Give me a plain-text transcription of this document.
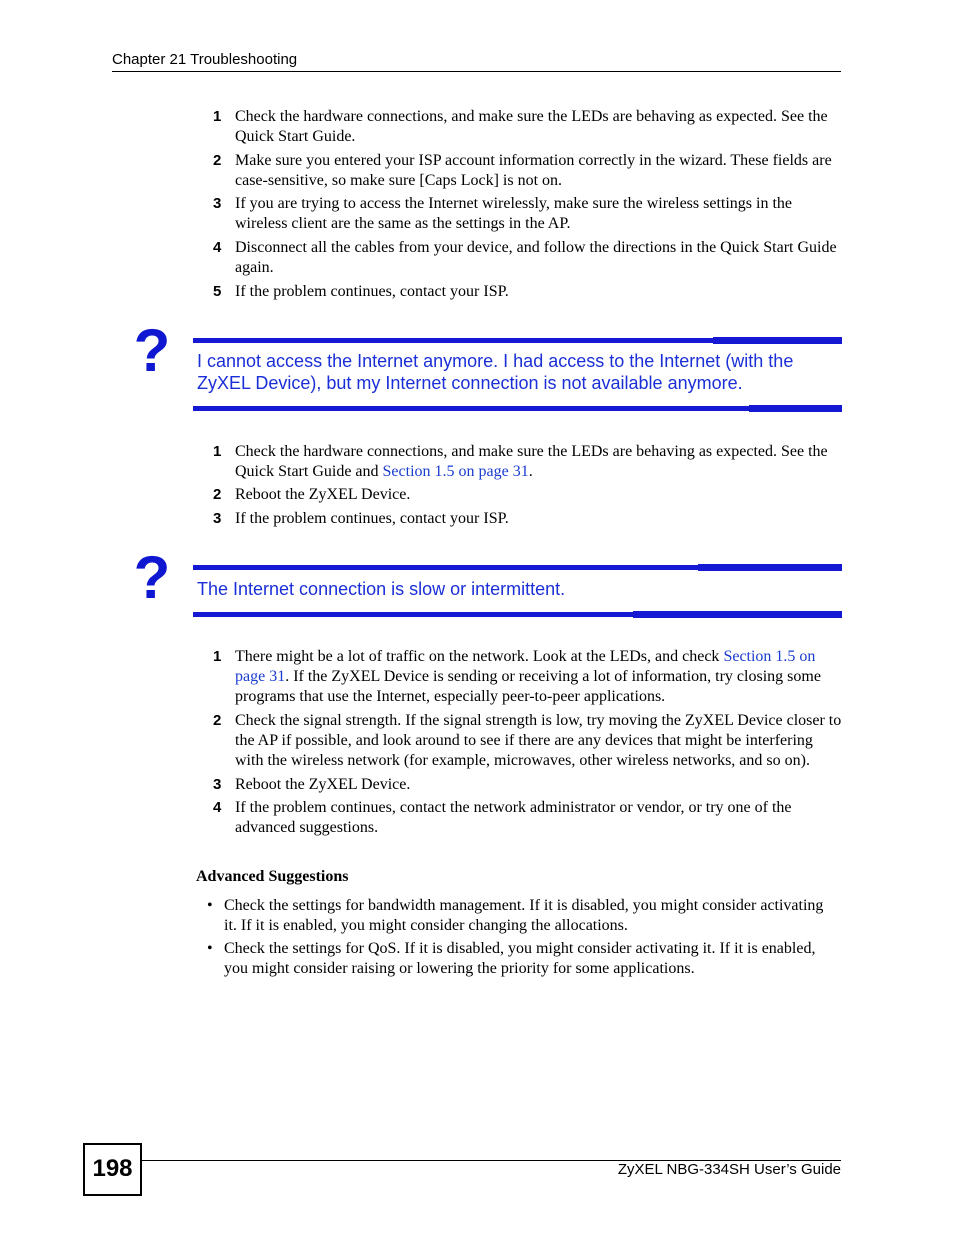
Chapter 21 Troubleshooting
1 Check the hardware connections, and make sure the LEDs are behaving as expected. See the Quick Start Guide.
2 Make sure you entered your ISP account information correctly in the wizard. These fields are case-sensitive, so make sure [Caps Lock] is not on.
3 If you are trying to access the Internet wirelessly, make sure the wireless settings in the wireless client are the same as the settings in the AP.
4 Disconnect all the cables from your device, and follow the directions in the Quick Start Guide again.
5 If the problem continues, contact your ISP.
? I cannot access the Internet anymore. I had access to the Internet (with the ZyXEL Device), but my Internet connection is not available anymore.
1 Check the hardware connections, and make sure the LEDs are behaving as expected. See the Quick Start Guide and Section 1.5 on page 31.
2 Reboot the ZyXEL Device.
3 If the problem continues, contact your ISP.
? The Internet connection is slow or intermittent.
1 There might be a lot of traffic on the network. Look at the LEDs, and check Section 1.5 on page 31. If the ZyXEL Device is sending or receiving a lot of information, try closing some programs that use the Internet, especially peer-to-peer applications.
2 Check the signal strength. If the signal strength is low, try moving the ZyXEL Device closer to the AP if possible, and look around to see if there are any devices that might be interfering with the wireless network (for example, microwaves, other wireless networks, and so on).
3 Reboot the ZyXEL Device.
4 If the problem continues, contact the network administrator or vendor, or try one of the advanced suggestions.
Advanced Suggestions
• Check the settings for bandwidth management. If it is disabled, you might consider activating it. If it is enabled, you might consider changing the allocations.
• Check the settings for QoS. If it is disabled, you might consider activating it. If it is enabled, you might consider raising or lowering the priority for some applications.
198	ZyXEL NBG-334SH User’s Guide
